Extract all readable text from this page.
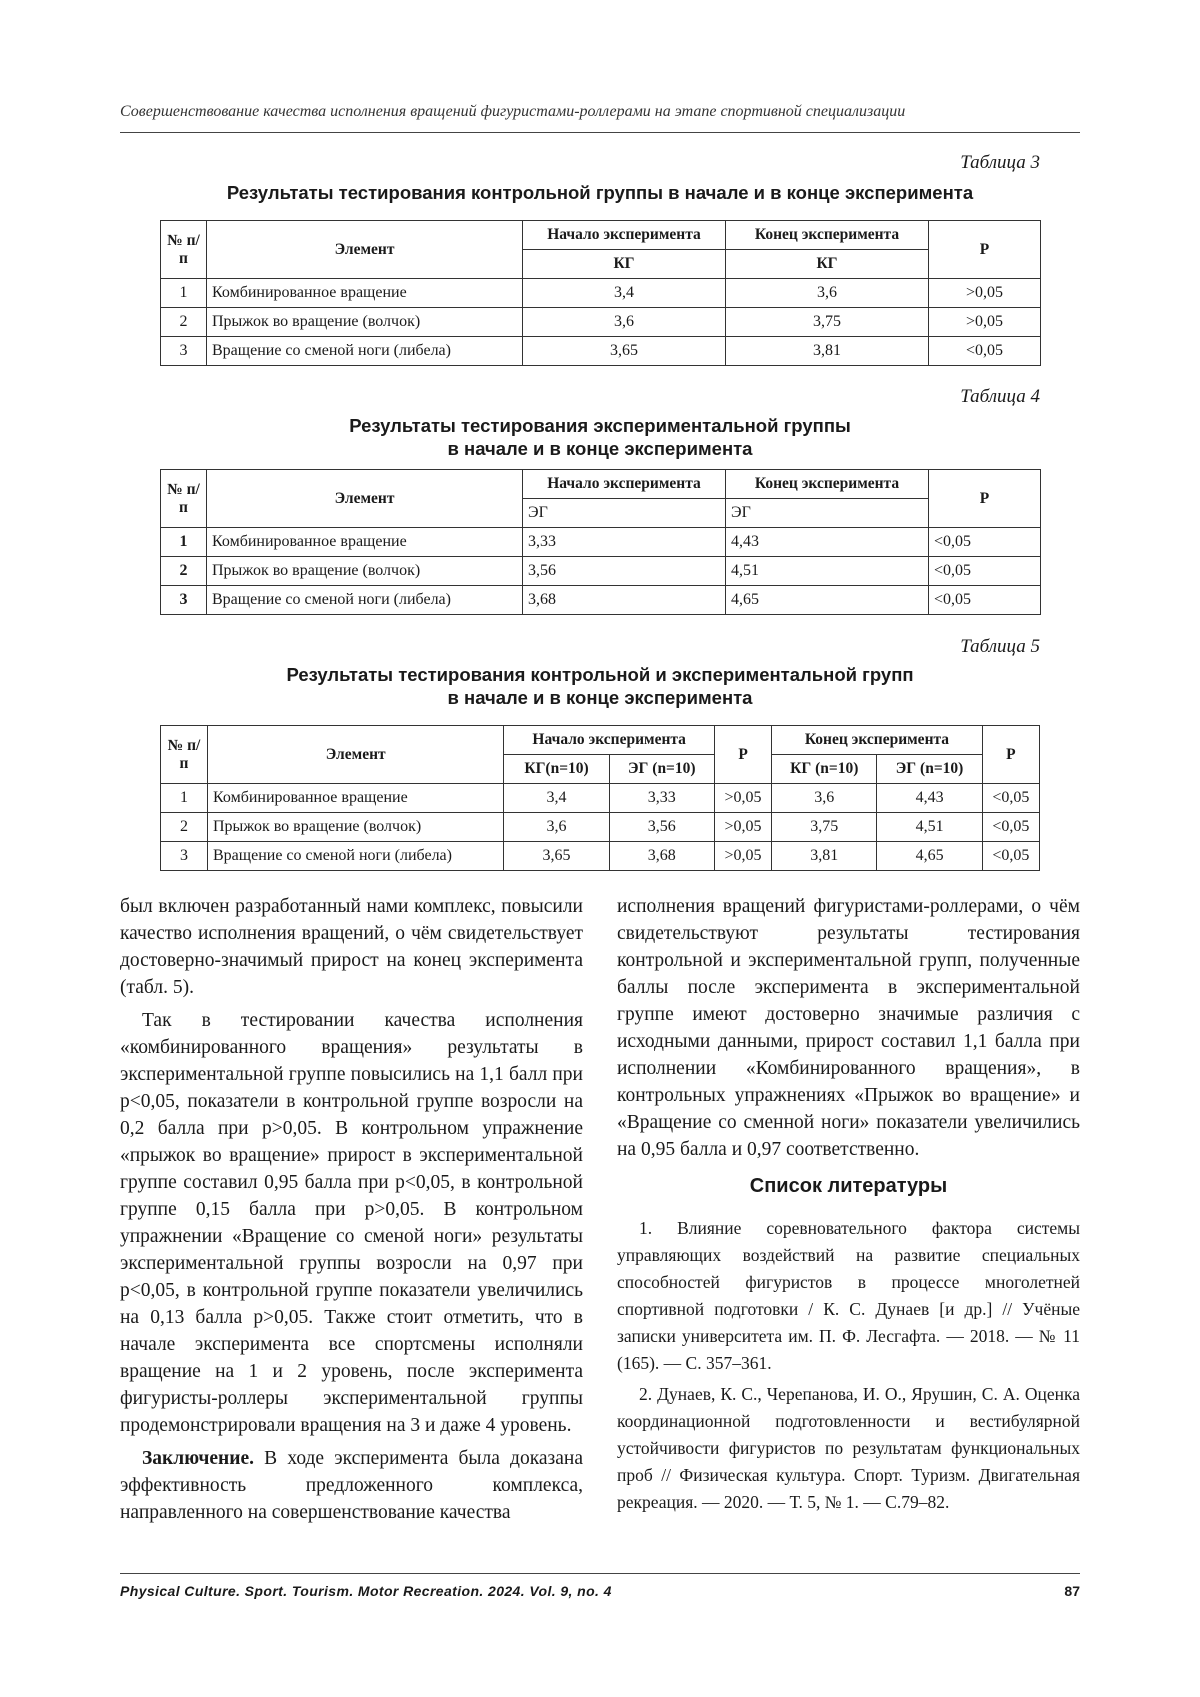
Совершенствование качества исполнения вращений фигуристами-роллерами на этапе спортивной специализации
Таблица 3
Результаты тестирования контрольной группы в начале и в конце эксперимента
№ п/п	Элемент	Начало эксперимента	Конец эксперимента	P
		КГ	КГ	
1	Комбинированное вращение	3,4	3,6	>0,05
2	Прыжок во вращение (волчок)	3,6	3,75	>0,05
3	Вращение со сменой ноги (либела)	3,65	3,81	<0,05
Таблица 4
Результаты тестирования экспериментальной группы
в начале и в конце эксперимента
№ п/п	Элемент	Начало эксперимента	Конец эксперимента	P
		ЭГ	ЭГ	
1	Комбинированное вращение	3,33	4,43	<0,05
2	Прыжок во вращение (волчок)	3,56	4,51	<0,05
3	Вращение со сменой ноги (либела)	3,68	4,65	<0,05
Таблица 5
Результаты тестирования контрольной и экспериментальной групп
в начале и в конце эксперимента
№ п/п	Элемент	Начало эксперимента		P	Конец эксперимента		P
		КГ(n=10)	ЭГ (n=10)		КГ (n=10)	ЭГ (n=10)	
1	Комбинированное вращение	3,4	3,33	>0,05	3,6	4,43	<0,05
2	Прыжок во вращение (волчок)	3,6	3,56	>0,05	3,75	4,51	<0,05
3	Вращение со сменой ноги (либела)	3,65	3,68	>0,05	3,81	4,65	<0,05

был включен разработанный нами комплекс, повысили качество исполнения вращений, о чём свидетельствует достоверно-значимый прирост на конец эксперимента (табл. 5).

Так в тестировании качества исполнения «комбинированного вращения» результаты в экспериментальной группе повысились на 1,1 балл при p<0,05, показатели в контрольной группе возросли на 0,2 балла при p>0,05. В контрольном упражнение «прыжок во вращение» прирост в экспериментальной группе составил 0,95 балла при p<0,05, в контрольной группе 0,15 балла при p>0,05. В контрольном упражнении «Вращение со сменой ноги» результаты экспериментальной группы возросли на 0,97 при p<0,05, в контрольной группе показатели увеличились на 0,13 балла p>0,05. Также стоит отметить, что в начале эксперимента все спортсмены исполняли вращение на 1 и 2 уровень, после эксперимента фигуристы-роллеры экспериментальной группы продемонстрировали вращения на 3 и даже 4 уровень.

Заключение. В ходе эксперимента была доказана эффективность предложенного комплекса, направленного на совершенствование качества

исполнения вращений фигуристами-роллерами, о чём свидетельствуют результаты тестирования контрольной и экспериментальной групп, полученные баллы после эксперимента в экспериментальной группе имеют достоверно значимые различия с исходными данными, прирост составил 1,1 балла при исполнении «Комбинированного вращения», в контрольных упражнениях «Прыжок во вращение» и «Вращение со сменной ноги» показатели увеличились на 0,95 балла и 0,97 соответственно.

Список литературы

1. Влияние соревновательного фактора системы управляющих воздействий на развитие специальных способностей фигуристов в процессе многолетней спортивной подготовки / К. С. Дунаев [и др.] // Учёные записки университета им. П. Ф. Лесгафта. — 2018. — № 11 (165). — С. 357–361.

2. Дунаев, К. С., Черепанова, И. О., Ярушин, С. А. Оценка координационной подготовленности и вестибулярной устойчивости фигуристов по результатам функциональных проб // Физическая культура. Спорт. Туризм. Двигательная рекреация. — 2020. — Т. 5, № 1. — С.79–82.

Physical Culture. Sport. Tourism. Motor Recreation. 2024. Vol. 9, no. 4	87
